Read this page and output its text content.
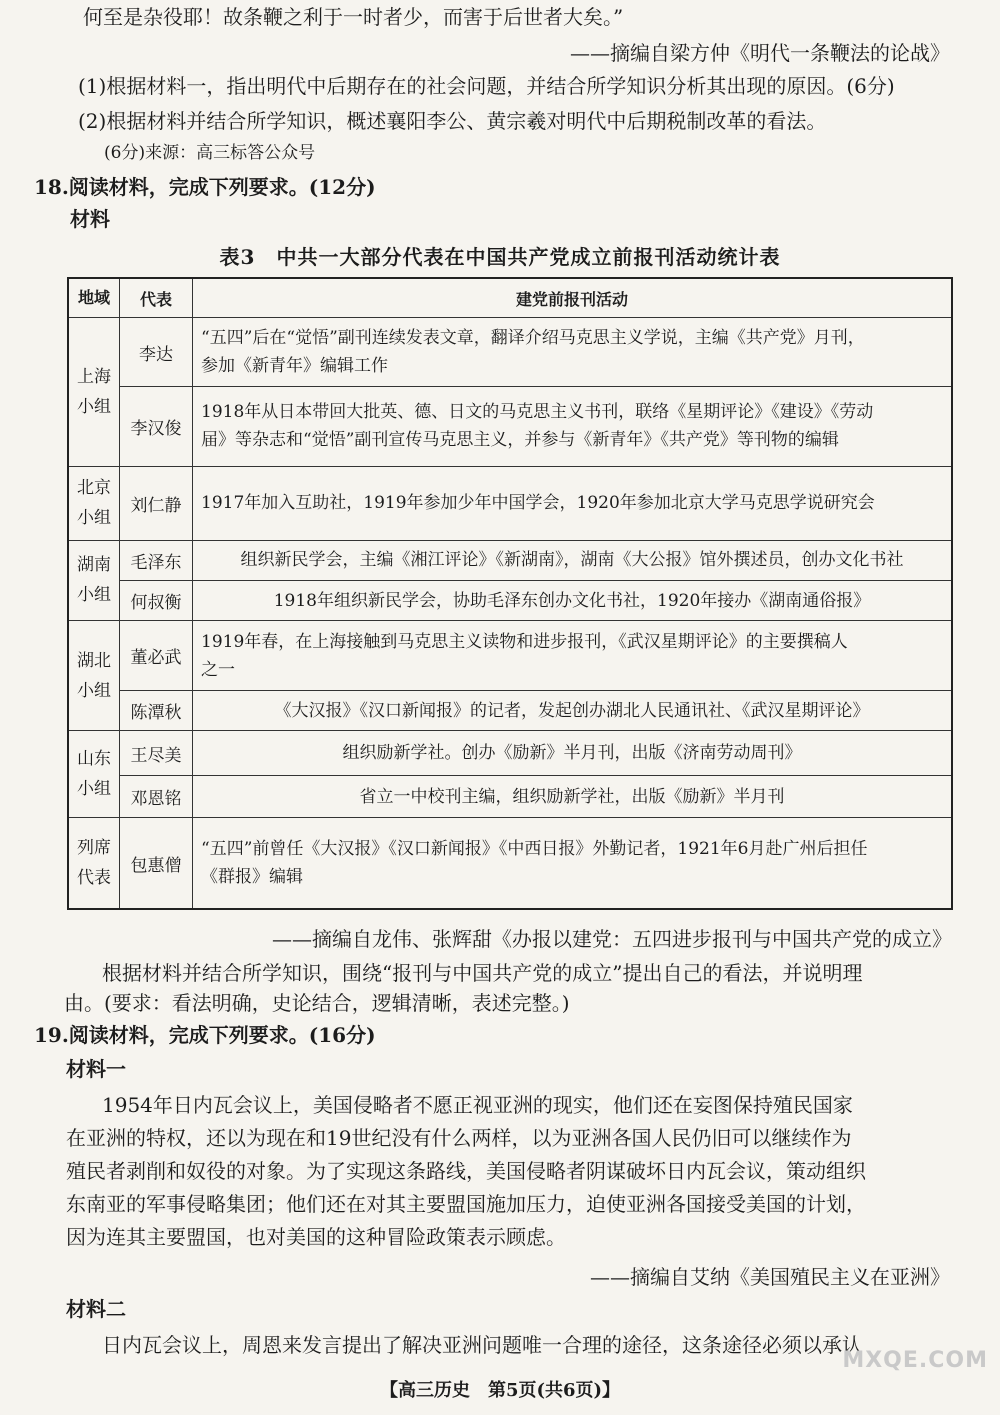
何至是杂役耶！故条鞭之利于一时者少，而害于后世者大矣。”
——摘编自梁方仲《明代一条鞭法的论战》
(1)根据材料一，指出明代中后期存在的社会问题，并结合所学知识分析其出现的原因。(6分)
(2)根据材料并结合所学知识，概述襄阳李公、黄宗羲对明代中后期税制改革的看法。
(6分)来源：高三标答公众号
18.阅读材料，完成下列要求。(12分)
材料
表3　中共一大部分代表在中国共产党成立前报刊活动统计表
地域	代表	建党前报刊活动
上海
小组	李达	“五四”后在“觉悟”副刊连续发表文章，翻译介绍马克思主义学说，主编《共产党》月刊，
参加《新青年》编辑工作
	李汉俊	1918年从日本带回大批英、德、日文的马克思主义书刊，联络《星期评论》《建设》《劳动
届》等杂志和“觉悟”副刊宣传马克思主义，并参与《新青年》《共产党》等刊物的编辑
北京
小组	刘仁静	1917年加入互助社，1919年参加少年中国学会，1920年参加北京大学马克思学说研究会
湖南
小组	毛泽东	组织新民学会，主编《湘江评论》《新湖南》，湖南《大公报》馆外撰述员，创办文化书社
	何叔衡	1918年组织新民学会，协助毛泽东创办文化书社，1920年接办《湖南通俗报》
湖北
小组	董必武	1919年春，在上海接触到马克思主义读物和进步报刊，《武汉星期评论》的主要撰稿人
之一
	陈潭秋	《大汉报》《汉口新闻报》的记者，发起创办湖北人民通讯社、《武汉星期评论》
山东
小组	王尽美	组织励新学社。创办《励新》半月刊，出版《济南劳动周刊》
	邓恩铭	省立一中校刊主编，组织励新学社，出版《励新》半月刊
列席
代表	包惠僧	“五四”前曾任《大汉报》《汉口新闻报》《中西日报》外勤记者，1921年6月赴广州后担任
《群报》编辑
——摘编自龙伟、张辉甜《办报以建党：五四进步报刊与中国共产党的成立》
根据材料并结合所学知识，围绕“报刊与中国共产党的成立”提出自己的看法，并说明理
由。(要求：看法明确，史论结合，逻辑清晰，表述完整。)
19.阅读材料，完成下列要求。(16分)
材料一
1954年日内瓦会议上，美国侵略者不愿正视亚洲的现实，他们还在妄图保持殖民国家
在亚洲的特权，还以为现在和19世纪没有什么两样，以为亚洲各国人民仍旧可以继续作为
殖民者剥削和奴役的对象。为了实现这条路线，美国侵略者阴谋破坏日内瓦会议，策动组织
东南亚的军事侵略集团；他们还在对其主要盟国施加压力，迫使亚洲各国接受美国的计划，
因为连其主要盟国，也对美国的这种冒险政策表示顾虑。
——摘编自艾纳《美国殖民主义在亚洲》
材料二
日内瓦会议上，周恩来发言提出了解决亚洲问题唯一合理的途径，这条途径必须以承认
【高三历史　第5页(共6页)】
MXQE.COM
